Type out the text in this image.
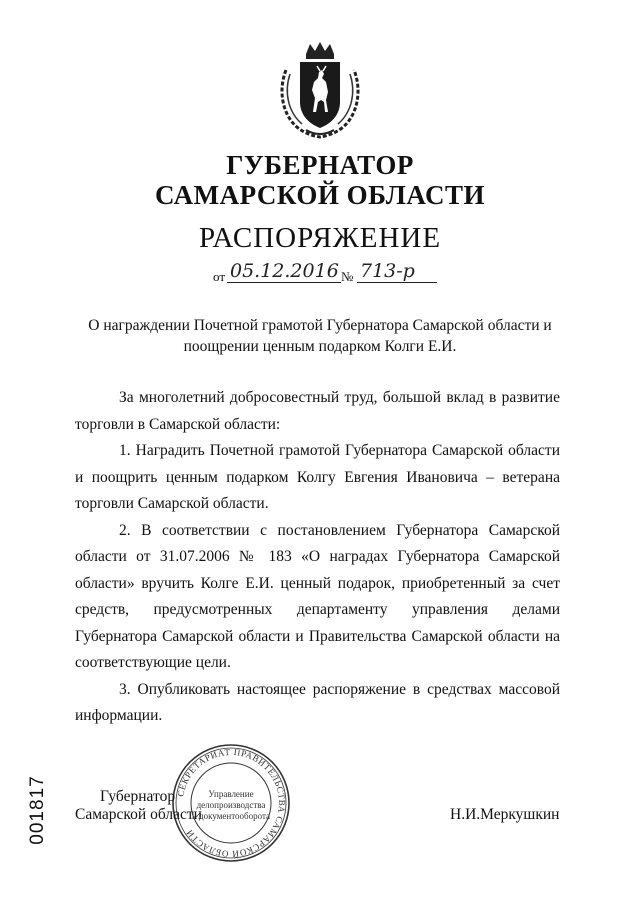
ГУБЕРНАТОР
САМАРСКОЙ ОБЛАСТИ
РАСПОРЯЖЕНИЕ
от 05.12.2016 № 713-р
О награждении Почетной грамотой Губернатора Самарской области и
поощрении ценным подарком Колги Е.И.

За многолетний добросовестный труд, большой вклад в развитие торговли в Самарской области:

1. Наградить Почетной грамотой Губернатора Самарской области и поощрить ценным подарком Колгу Евгения Ивановича – ветерана торговли Самарской области.

2. В соответствии с постановлением Губернатора Самарской области от 31.07.2006 № 183 «О наградах Губернатора Самарской области» вручить Колге Е.И. ценный подарок, приобретенный за счет средств, предусмотренных департаменту управления делами Губернатора Самарской области и Правительства Самарской области на соответствующие цели.

3. Опубликовать настоящее распоряжение в средствах массовой информации.

СЕКРЕТАРИАТ ПРАВИТЕЛЬСТВА САМАРСКОЙ ОБЛАСТИ
Управление
делопроизводства
и документооборота
Губернатор
Самарской области	Н.И.Меркушкин
001817
